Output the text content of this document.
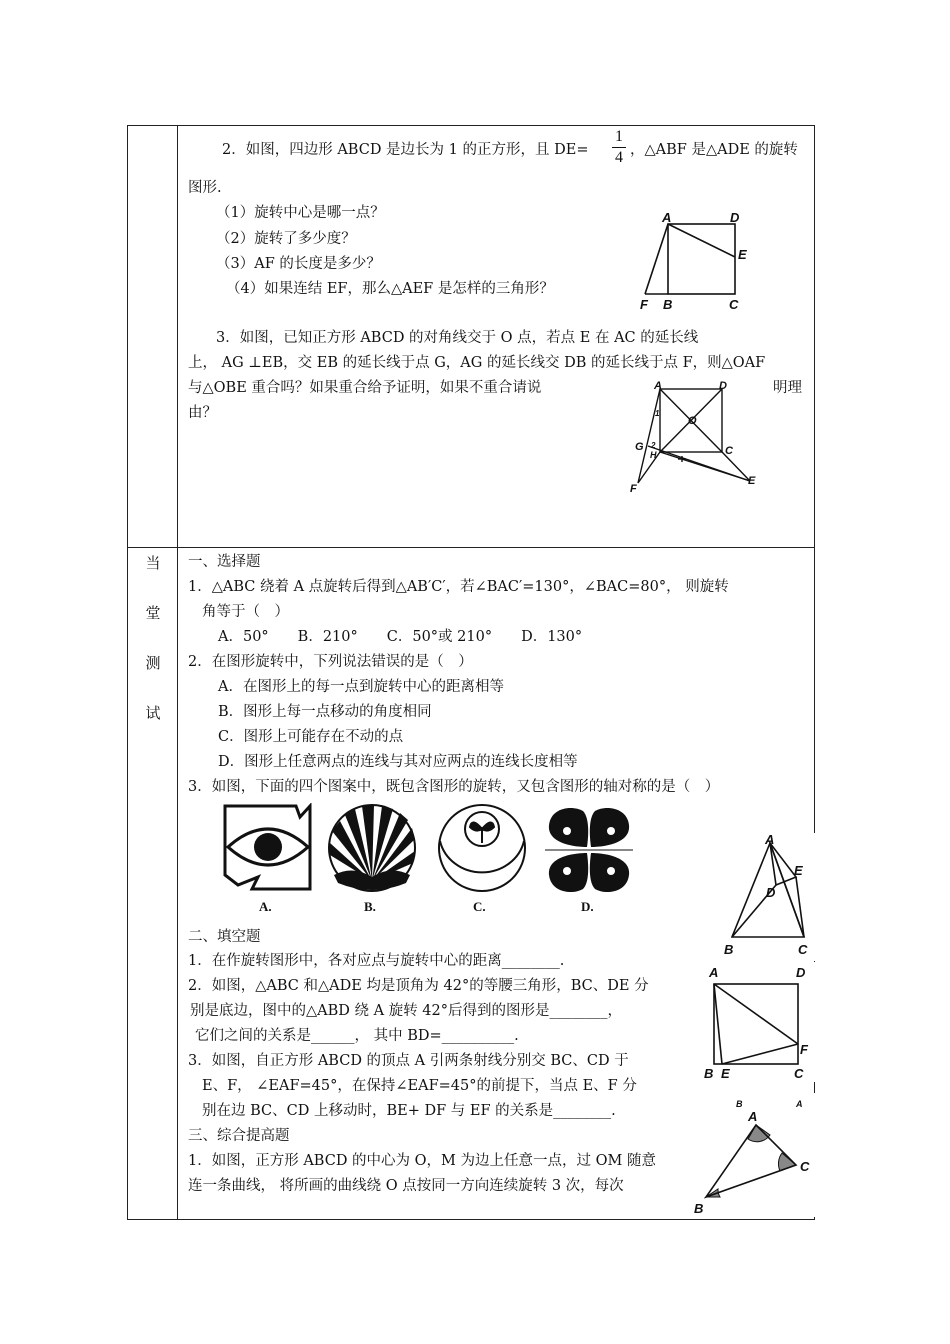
2．如图，四边形 ABCD 是边长为 1 的正方形，且 DE=
1
4 ，△ABF 是△ADE 的旋转
图形.
（1）旋转中心是哪一点？
（2）旋转了多少度？
（3）AF 的长度是多少？
（4）如果连结 EF，那么△AEF 是怎样的三角形？
3．如图，已知正方形 ABCD 的对角线交于 O 点，若点 E 在 AC 的延长线
上， AG ⊥EB，交 EB 的延长线于点 G，AG 的延长线交 DB 的延长线于点 F，则△OAF
与△OBE 重合吗？如果重合给予证明，如果不重合请说	明理
由？
A	D
E
F B	C
A	D
O
G
H	C
E
F
1
2
当
堂
测
试
一、选择题
1．△ABC 绕着 A 点旋转后得到△AB′C′，若∠BAC′=130°，∠BAC=80°， 则旋转
角等于（　）
A．50°　　B．210°　　C．50°或 210°　　D．130°
2．在图形旋转中，下列说法错误的是（　）
A．在图形上的每一点到旋转中心的距离相等
B．图形上每一点移动的角度相同
C．图形上可能存在不动的点
D．图形上任意两点的连线与其对应两点的连线长度相等
3．如图，下面的四个图案中，既包含图形的旋转，又包含图形的轴对称的是（　）
A.	B.	C.	D.
二、填空题
1．在作旋转图形中，各对应点与旋转中心的距离________.
2．如图，△ABC 和△ADE 均是顶角为 42°的等腰三角形，BC、DE 分
别是底边，图中的△ABD 绕 A 旋转 42°后得到的图形是________，
它们之间的关系是______， 其中 BD=__________.
3．如图，自正方形 ABCD 的顶点 A 引两条射线分别交 BC、CD 于
E、F， ∠EAF=45°，在保持∠EAF=45°的前提下，当点 E、F 分
别在边 BC、CD 上移动时，BE+ DF 与 EF 的关系是________.
三、综合提高题
1．如图，正方形 ABCD 的中心为 O，M 为边上任意一点，过 OM 随意
连一条曲线， 将所画的曲线绕 O 点按同一方向连续旋转 3 次，每次
A
E
D
B	C
A	D
F
B E	C
B	A
A
C
B
